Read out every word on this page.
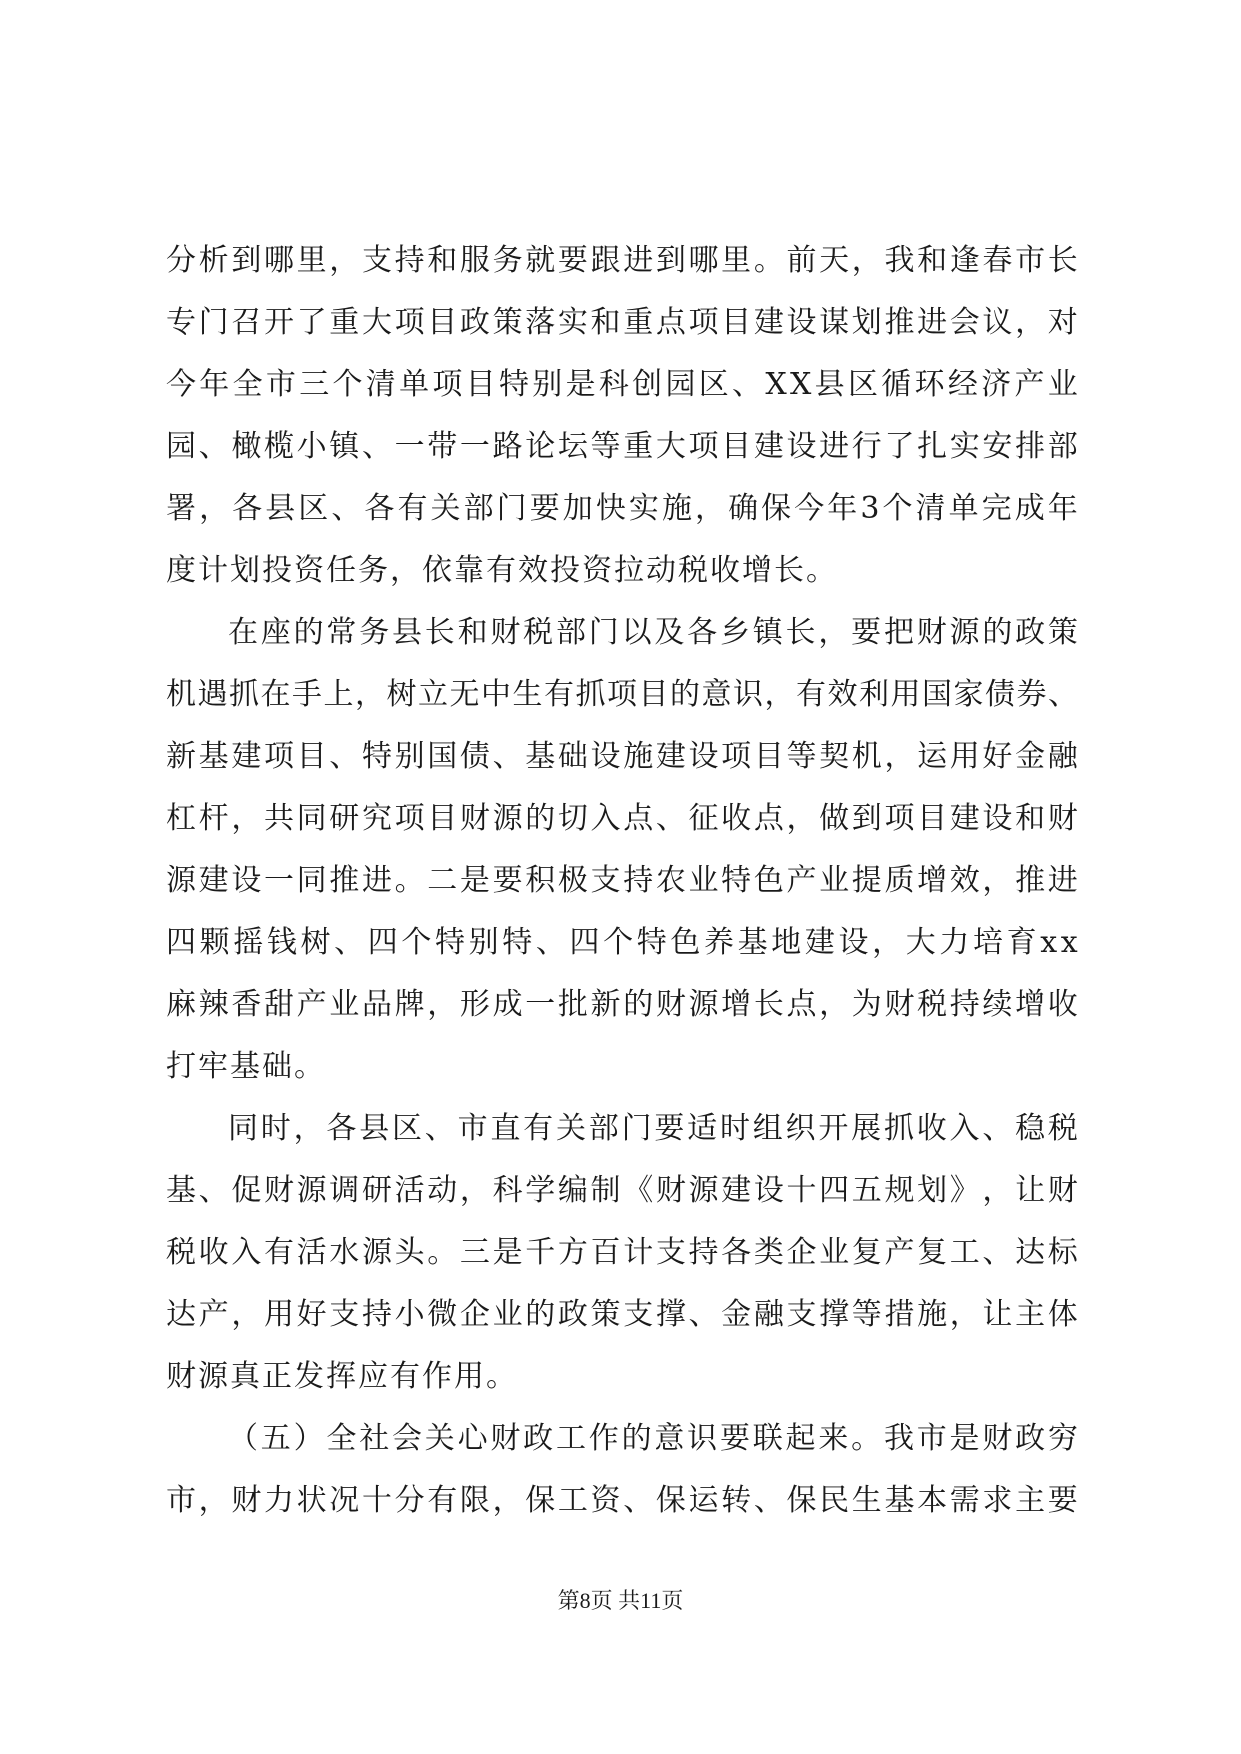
分 析 到 哪 里 ， 支 持 和 服 务 就 要 跟 进 到 哪 里 。 前 天 ， 我 和 逢 春 市 长
专 门 召 开 了 重 大 项 目 政 策 落 实 和 重 点 项 目 建 设 谋 划 推 进 会 议 ， 对
今 年 全 市 三 个 清 单 项 目 特 别 是 科 创 园 区 、 X X 县 区 循 环 经 济 产 业
园 、 橄 榄 小 镇 、 一 带 一 路 论 坛 等 重 大 项 目 建 设 进 行 了 扎 实 安 排 部
署 ， 各 县 区 、 各 有 关 部 门 要 加 快 实 施 ， 确 保 今 年 3 个 清 单 完 成 年
度计划投资任务，依靠有效投资拉动税收增长。
在 座 的 常 务 县 长 和 财 税 部 门 以 及 各 乡 镇 长 ， 要 把 财 源 的 政 策
机 遇 抓 在 手 上 ， 树 立 无 中 生 有 抓 项 目 的 意 识 ， 有 效 利 用 国 家 债 券 、
新 基 建 项 目 、 特 别 国 债 、 基 础 设 施 建 设 项 目 等 契 机 ， 运 用 好 金 融
杠 杆 ， 共 同 研 究 项 目 财 源 的 切 入 点 、 征 收 点 ， 做 到 项 目 建 设 和 财
源 建 设 一 同 推 进 。 二 是 要 积 极 支 持 农 业 特 色 产 业 提 质 增 效 ， 推 进
四 颗 摇 钱 树 、 四 个 特 别 特 、 四 个 特 色 养 基 地 建 设 ， 大 力 培 育 x x
麻 辣 香 甜 产 业 品 牌 ， 形 成 一 批 新 的 财 源 增 长 点 ， 为 财 税 持 续 增 收
打牢基础。
同 时 ， 各 县 区 、 市 直 有 关 部 门 要 适 时 组 织 开 展 抓 收 入 、 稳 税
基 、 促 财 源 调 研 活 动 ， 科 学 编 制 《 财 源 建 设 十 四 五 规 划 》 ， 让 财
税 收 入 有 活 水 源 头 。 三 是 千 方 百 计 支 持 各 类 企 业 复 产 复 工 、 达 标
达 产 ， 用 好 支 持 小 微 企 业 的 政 策 支 撑 、 金 融 支 撑 等 措 施 ， 让 主 体
财源真正发挥应有作用。
（ 五 ） 全 社 会 关 心 财 政 工 作 的 意 识 要 联 起 来 。 我 市 是 财 政 穷
市 ， 财 力 状 况 十 分 有 限 ， 保 工 资 、 保 运 转 、 保 民 生 基 本 需 求 主 要
第8页 共11页
